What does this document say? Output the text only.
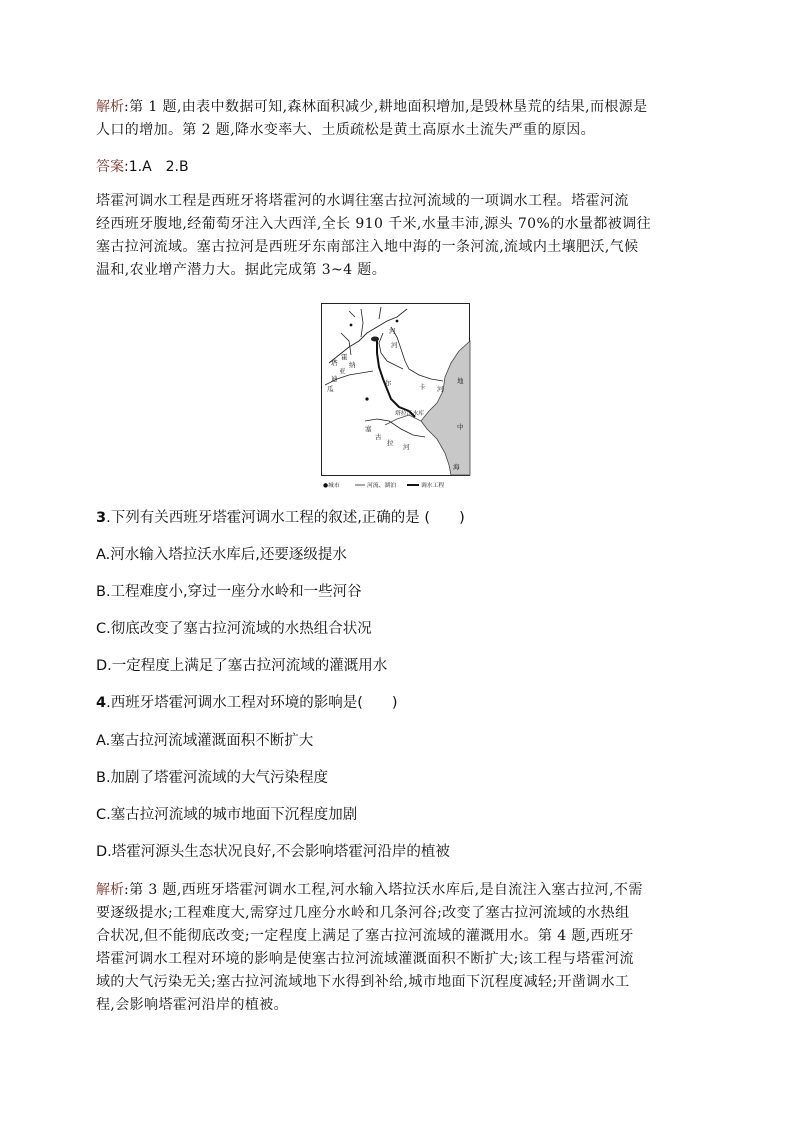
解析:第 1 题,由表中数据可知,森林面积减少,耕地面积增加,是毁林垦荒的结果,而根源是

人口的增加。第 2 题,降水变率大、土质疏松是黄土高原水土流失严重的原因。

答案:1.A　2.B

塔霍河调水工程是西班牙将塔霍河的水调往塞古拉河流域的一项调水工程。塔霍河流

经西班牙腹地,经葡萄牙注入大西洋,全长 910 千米,水量丰沛,源头 70%的水量都被调往

塞古拉河流域。塞古拉河是西班牙东南部注入地中海的一条河流,流域内土壤肥沃,气候

温和,农业增产潜力大。据此完成第 3~4 题。

塔
霍
河
瓜
迪
亚
纳
河
卡 河
尔
塔拉沃水库
塞
古
拉 河
地
中
海
●城市	河流、湖泊	调水工程
3.下列有关西班牙塔霍河调水工程的叙述,正确的是 (　　)
A.河水输入塔拉沃水库后,还要逐级提水
B.工程难度小,穿过一座分水岭和一些河谷
C.彻底改变了塞古拉河流域的水热组合状况
D.一定程度上满足了塞古拉河流域的灌溉用水
4.西班牙塔霍河调水工程对环境的影响是(　　)
A.塞古拉河流域灌溉面积不断扩大
B.加剧了塔霍河流域的大气污染程度
C.塞古拉河流域的城市地面下沉程度加剧
D.塔霍河源头生态状况良好,不会影响塔霍河沿岸的植被

解析:第 3 题,西班牙塔霍河调水工程,河水输入塔拉沃水库后,是自流注入塞古拉河,不需

要逐级提水;工程难度大,需穿过几座分水岭和几条河谷;改变了塞古拉河流域的水热组

合状况,但不能彻底改变;一定程度上满足了塞古拉河流域的灌溉用水。第 4 题,西班牙

塔霍河调水工程对环境的影响是使塞古拉河流域灌溉面积不断扩大;该工程与塔霍河流

域的大气污染无关;塞古拉河流域地下水得到补给,城市地面下沉程度减轻;开凿调水工

程,会影响塔霍河沿岸的植被。
